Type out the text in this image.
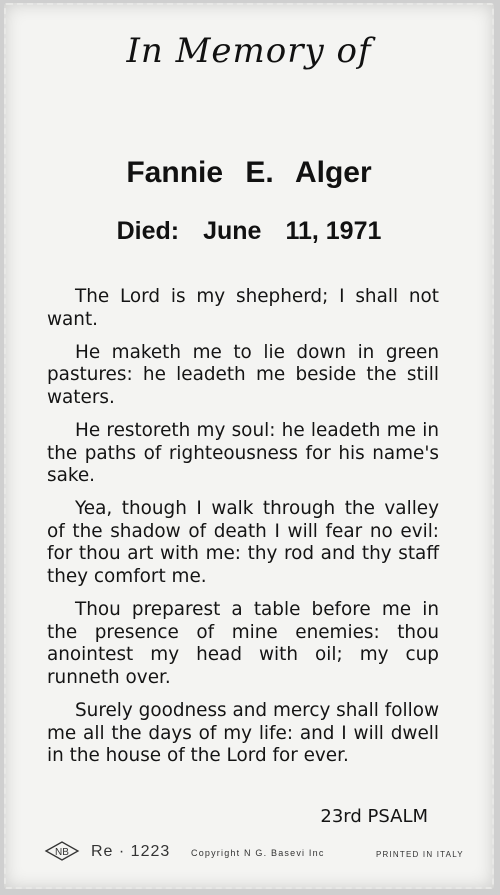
In Memory of
Fannie E. Alger
Died: June 11, 1971

The Lord is my shepherd; I shall not want.

He maketh me to lie down in green pastures: he leadeth me beside the still waters.

He restoreth my soul: he leadeth me in the paths of righteousness for his name's sake.

Yea, though I walk through the valley of the shadow of death I will fear no evil: for thou art with me: thy rod and thy staff they comfort me.

Thou preparest a table before me in the presence of mine enemies: thou anointest my head with oil; my cup runneth over.

Surely goodness and mercy shall follow me all the days of my life: and I will dwell in the house of the Lord for ever.

23rd PSALM
NB Re · 1223 Copyright N G. Basevi Inc	PRINTED IN ITALY
